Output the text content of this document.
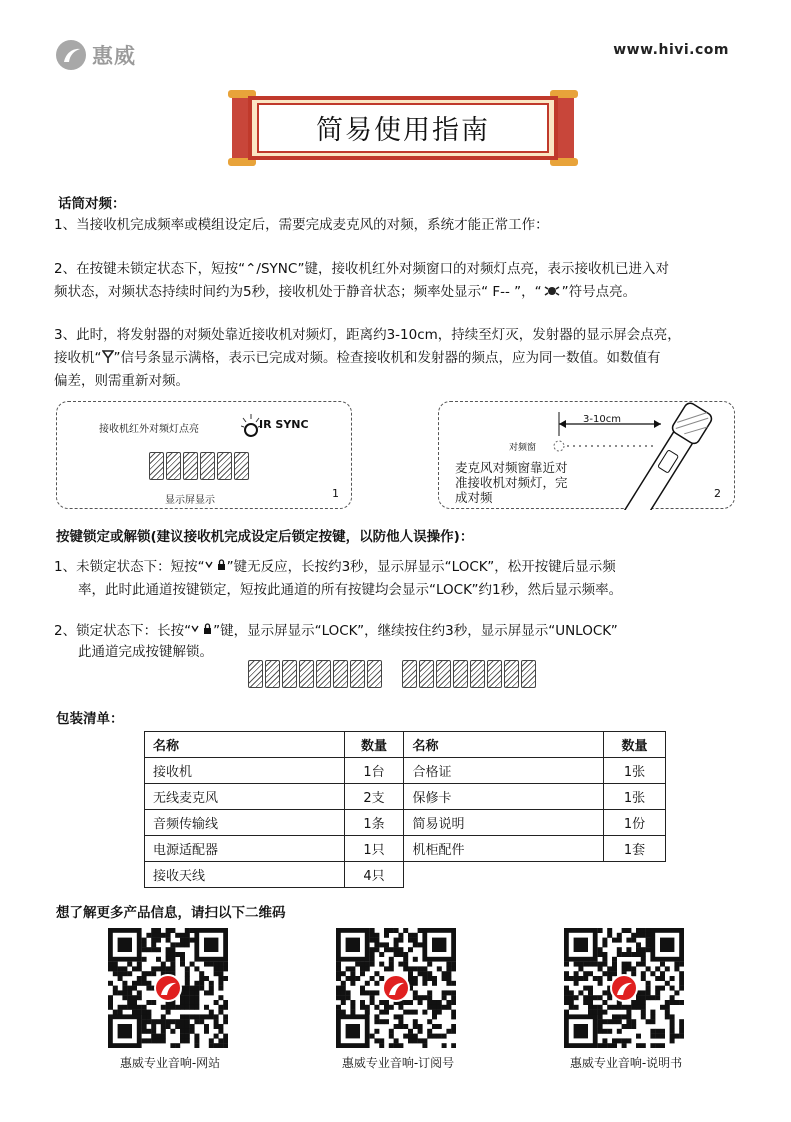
惠威	www.hivi.com
简易使用指南
话筒对频：
1、当接收机完成频率或模组设定后，需要完成麦克风的对频，系统才能正常工作：
2、在按键未锁定状态下，短按“⌃/SYNC”键，接收机红外对频窗口的对频灯点亮，表示接收机已进入对
频状态，对频状态持续时间约为5秒，接收机处于静音状态；频率处显示“ F-- ”，“ ”符号点亮。
3、此时，将发射器的对频处靠近接收机对频灯，距离约3-10cm，持续至灯灭，发射器的显示屏会点亮，
接收机“ ”信号条显示满格，表示已完成对频。检查接收机和发射器的频点，应为同一数值。如数值有
偏差，则需重新对频。
接收机红外对频灯点亮	IR SYNC
显示屏显示
1
3-10cm
对频窗
麦克风对频窗靠近对
准接收机对频灯，完
成对频	2
按键锁定或解锁(建议接收机完成设定后锁定按键，以防他人误操作)：
1、未锁定状态下：短按“ ”键无反应，长按约3秒，显示屏显示“LOCK”，松开按键后显示频
率，此时此通道按键锁定，短按此通道的所有按键均会显示“LOCK”约1秒，然后显示频率。
2、锁定状态下：长按“ ”键，显示屏显示“LOCK”，继续按住约3秒，显示屏显示“UNLOCK”
此通道完成按键解锁。
包装清单：
名称	数量	名称	数量
接收机	1台	合格证	1张
无线麦克风	2支	保修卡	1张
音频传输线	1条	简易说明	1份
电源适配器	1只	机柜配件	1套
接收天线	4只		
想了解更多产品信息，请扫以下二维码
惠威专业音响-网站	惠威专业音响-订阅号	惠威专业音响-说明书
